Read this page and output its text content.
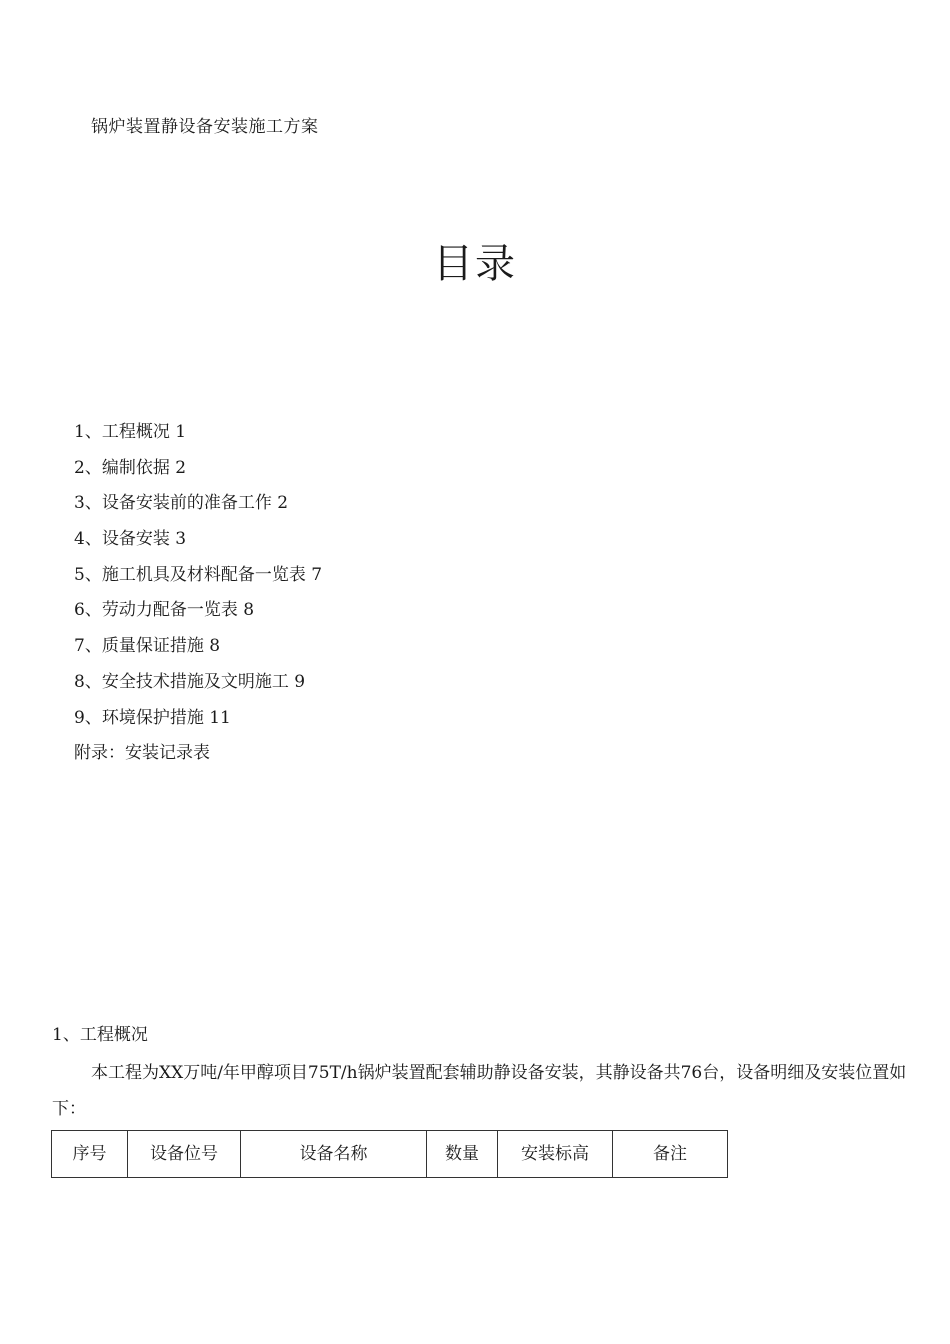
锅炉装置静设备安装施工方案
目录
1、工程概况 1
2、编制依据 2
3、设备安装前的准备工作 2
4、设备安装 3
5、施工机具及材料配备一览表 7
6、劳动力配备一览表 8
7、质量保证措施 8
8、安全技术措施及文明施工 9
9、环境保护措施 11
附录：安装记录表
1、工程概况

本工程为XX万吨/年甲醇项目75T/h锅炉装置配套辅助静设备安装，其静设备共76台，设备明细及安装位置如下：

序号	设备位号	设备名称	数量	安装标高	备注
